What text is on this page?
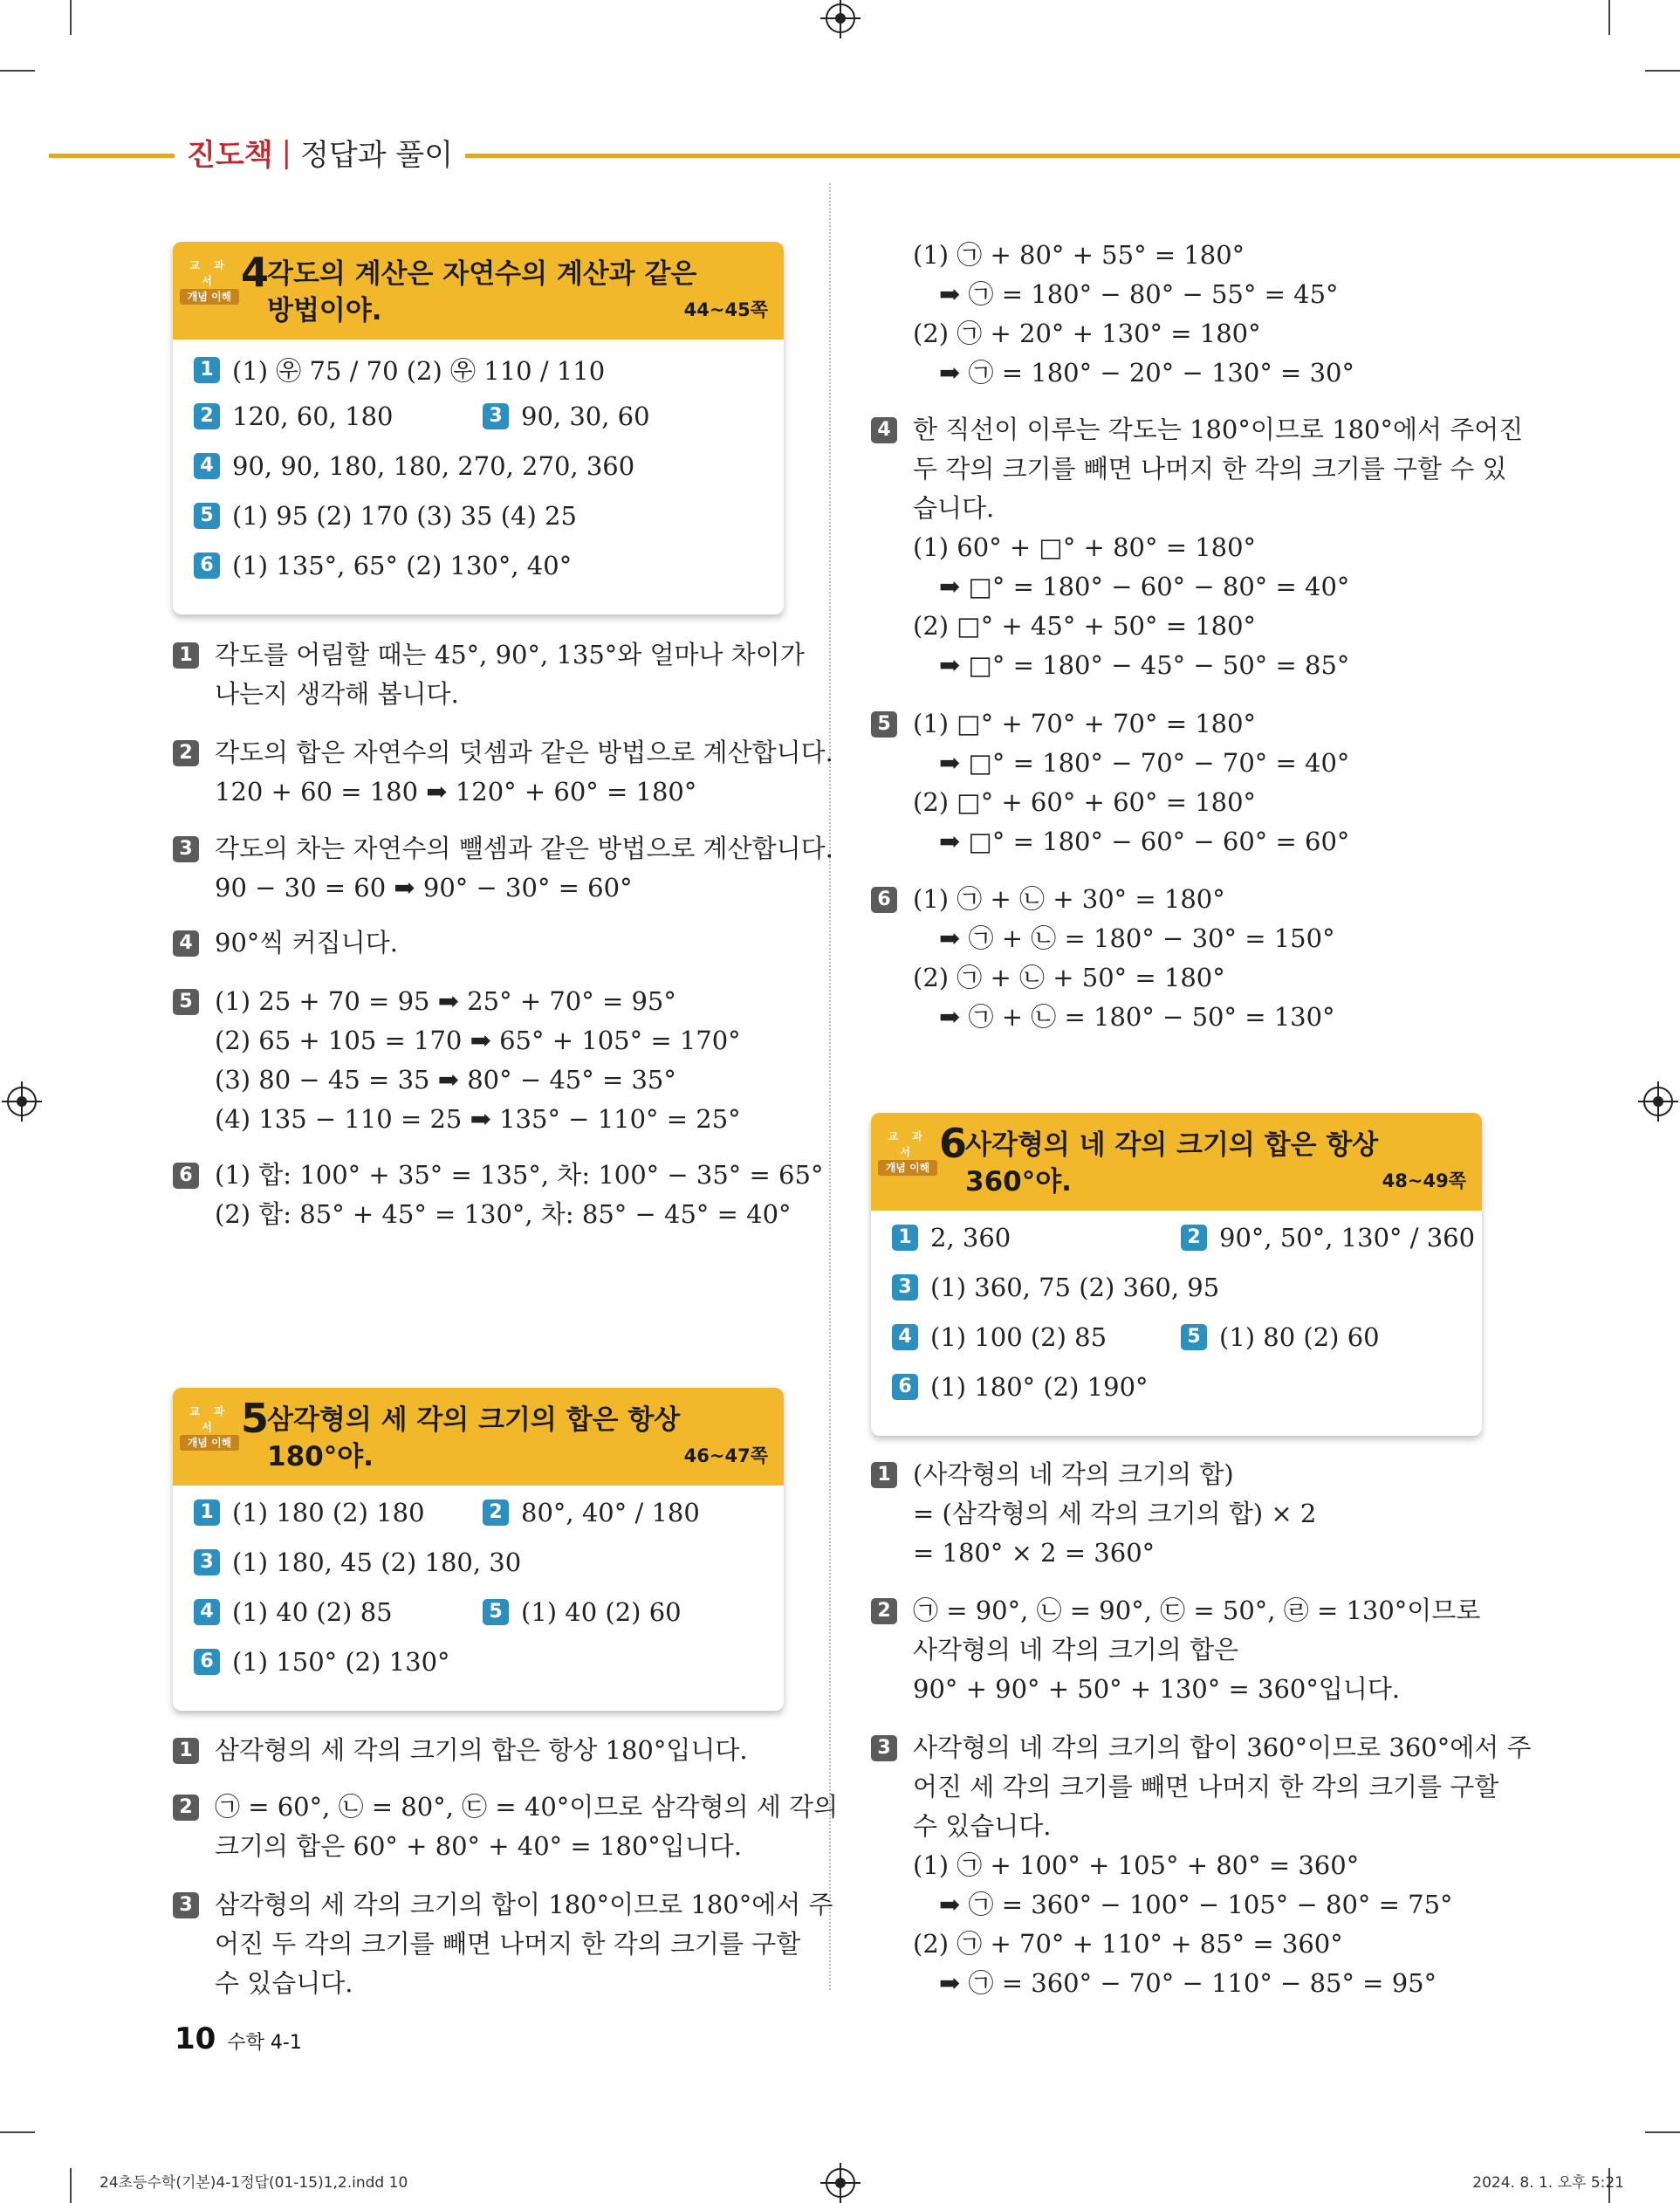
진도책 | 정답과 풀이
교 과 서
개념 이해
4
각도의 계산은 자연수의 계산과 같은
방법이야.	44~45쪽
1 (1) ㉾ 75 / 70 (2) ㉾ 110 / 110
2 120, 60, 180	3 90, 30, 60
4 90, 90, 180, 180, 270, 270, 360
5 (1) 95 (2) 170 (3) 35 (4) 25
6 (1) 135°, 65° (2) 130°, 40°
1 각도를 어림할 때는 45°, 90°, 135°와 얼마나 차이가
나는지 생각해 봅니다.
2 각도의 합은 자연수의 덧셈과 같은 방법으로 계산합니다.
120 + 60 = 180 ➡ 120° + 60° = 180°
3 각도의 차는 자연수의 뺄셈과 같은 방법으로 계산합니다.
90 − 30 = 60 ➡ 90° − 30° = 60°
4 90°씩 커집니다.
5 (1) 25 + 70 = 95 ➡ 25° + 70° = 95°
(2) 65 + 105 = 170 ➡ 65° + 105° = 170°
(3) 80 − 45 = 35 ➡ 80° − 45° = 35°
(4) 135 − 110 = 25 ➡ 135° − 110° = 25°
6 (1) 합: 100° + 35° = 135°, 차: 100° − 35° = 65°
(2) 합: 85° + 45° = 130°, 차: 85° − 45° = 40°
교 과 서
개념 이해
5
삼각형의 세 각의 크기의 합은 항상
180°야.	46~47쪽
1 (1) 180 (2) 180	2 80°, 40° / 180
3 (1) 180, 45 (2) 180, 30
4 (1) 40 (2) 85	5 (1) 40 (2) 60
6 (1) 150° (2) 130°
1 삼각형의 세 각의 크기의 합은 항상 180°입니다.
2 ㉠ = 60°, ㉡ = 80°, ㉢ = 40°이므로 삼각형의 세 각의
크기의 합은 60° + 80° + 40° = 180°입니다.
3 삼각형의 세 각의 크기의 합이 180°이므로 180°에서 주
어진 두 각의 크기를 빼면 나머지 한 각의 크기를 구할
수 있습니다.
(1) ㉠ + 80° + 55° = 180°
➡ ㉠ = 180° − 80° − 55° = 45°
(2) ㉠ + 20° + 130° = 180°
➡ ㉠ = 180° − 20° − 130° = 30°
4 한 직선이 이루는 각도는 180°이므로 180°에서 주어진
두 각의 크기를 빼면 나머지 한 각의 크기를 구할 수 있
습니다.
(1) 60° + □° + 80° = 180°
➡ □° = 180° − 60° − 80° = 40°
(2) □° + 45° + 50° = 180°
➡ □° = 180° − 45° − 50° = 85°
5 (1) □° + 70° + 70° = 180°
➡ □° = 180° − 70° − 70° = 40°
(2) □° + 60° + 60° = 180°
➡ □° = 180° − 60° − 60° = 60°
6 (1) ㉠ + ㉡ + 30° = 180°
➡ ㉠ + ㉡ = 180° − 30° = 150°
(2) ㉠ + ㉡ + 50° = 180°
➡ ㉠ + ㉡ = 180° − 50° = 130°
교 과 서
개념 이해
6
사각형의 네 각의 크기의 합은 항상
360°야.	48~49쪽
1 2, 360	2 90°, 50°, 130° / 360
3 (1) 360, 75 (2) 360, 95
4 (1) 100 (2) 85	5 (1) 80 (2) 60
6 (1) 180° (2) 190°
1 (사각형의 네 각의 크기의 합)
= (삼각형의 세 각의 크기의 합) × 2
= 180° × 2 = 360°
2 ㉠ = 90°, ㉡ = 90°, ㉢ = 50°, ㉣ = 130°이므로
사각형의 네 각의 크기의 합은
90° + 90° + 50° + 130° = 360°입니다.
3 사각형의 네 각의 크기의 합이 360°이므로 360°에서 주
어진 세 각의 크기를 빼면 나머지 한 각의 크기를 구할
수 있습니다.
(1) ㉠ + 100° + 105° + 80° = 360°
➡ ㉠ = 360° − 100° − 105° − 80° = 75°
(2) ㉠ + 70° + 110° + 85° = 360°
➡ ㉠ = 360° − 70° − 110° − 85° = 95°
10 수학 4-1
24초등수학(기본)4-1정답(01-15)1,2.indd 10	2024. 8. 1. 오후 5:21
